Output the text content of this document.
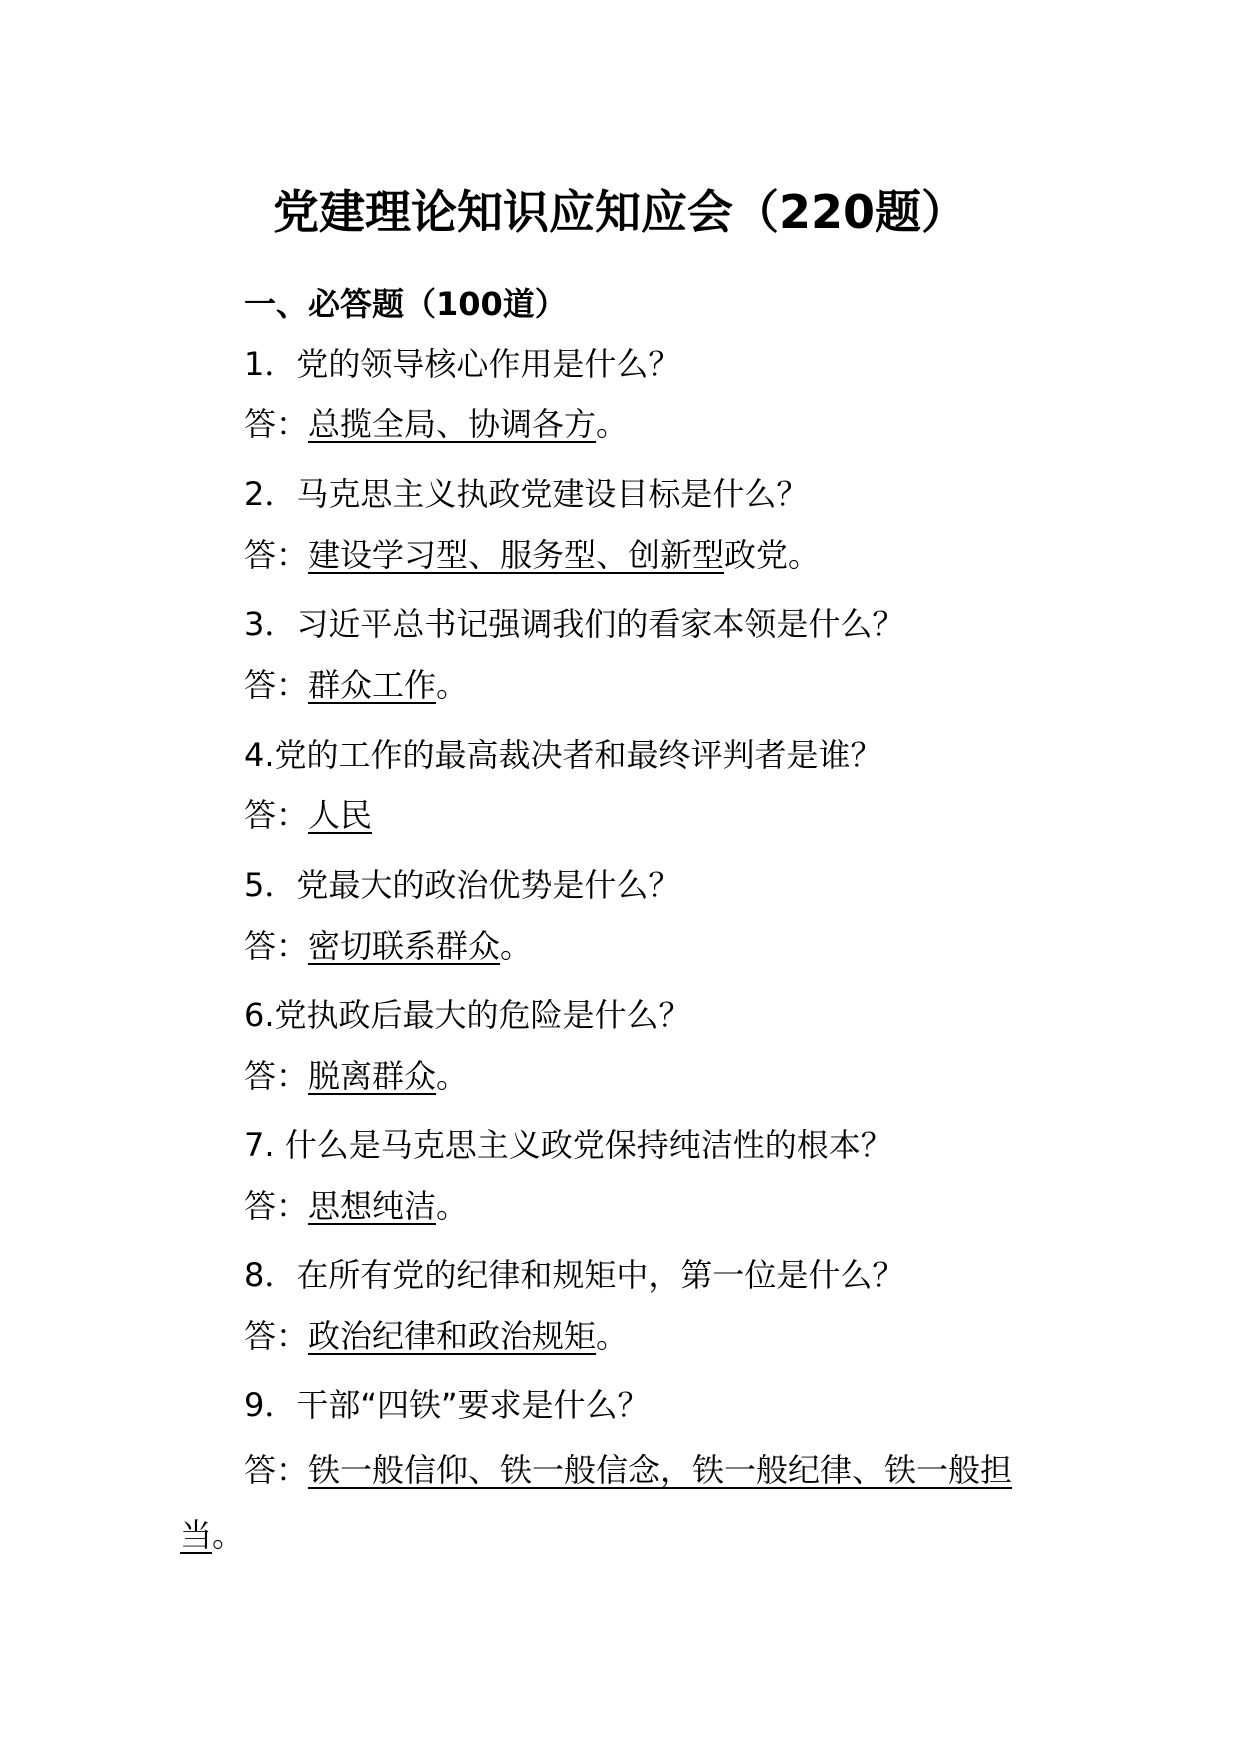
党建理论知识应知应会（220题）
一、必答题（100道）
1．党的领导核心作用是什么？
答：总揽全局、协调各方。
2．马克思主义执政党建设目标是什么？
答：建设学习型、服务型、创新型政党。
3．习近平总书记强调我们的看家本领是什么？
答：群众工作。
4.党的工作的最高裁决者和最终评判者是谁？
答：人民
5．党最大的政治优势是什么？
答：密切联系群众。
6.党执政后最大的危险是什么？
答：脱离群众。
7. 什么是马克思主义政党保持纯洁性的根本？
答：思想纯洁。
8．在所有党的纪律和规矩中，第一位是什么？
答：政治纪律和政治规矩。
9．干部“四铁”要求是什么？
答：铁一般信仰、铁一般信念，铁一般纪律、铁一般担
当。
